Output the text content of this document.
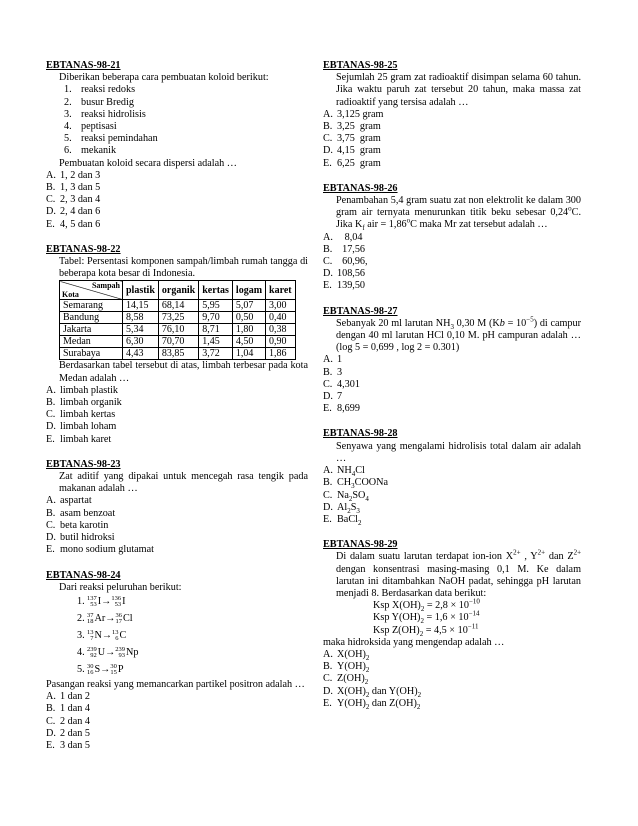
EBTANAS-98-21
Diberikan beberapa cara pembuatan koloid berikut:
1. reaksi redoks
2. busur Bredig
3. reaksi hidrolisis
4. peptisasi
5. reaksi pemindahan
6. mekanik
Pembuatan koloid secara dispersi adalah …
A. 1, 2 dan 3
B. 1, 3 dan 5
C. 2, 3 dan 4
D. 2, 4 dan 6
E. 4, 5 dan 6
EBTANAS-98-22
Tabel: Persentasi komponen sampah/limbah rumah tangga di beberapa kota besar di Indonesia.
Sampah
Kota	plastik	organik	kertas	logam	karet
Semarang	14,15	68,14	5,95	5,07	3,00
Bandung	8,58	73,25	9,70	0,50	0,40
Jakarta	5,34	76,10	8,71	1,80	0,38
Medan	6,30	70,70	1,45	4,50	0,90
Surabaya	4,43	83,85	3,72	1,04	1,86
Berdasarkan tabel tersebut di atas, limbah terbesar pada kota Medan adalah …
A. limbah plastik
B. limbah organik
C. limbah kertas
D. limbah loham
E. limbah karet
EBTANAS-98-23
Zat aditif yang dipakai untuk mencegah rasa tengik pada makanan adalah …
A. aspartat
B. asam benzoat
C. beta karotin
D. butil hidroksi
E. mono sodium glutamat
EBTANAS-98-24
Dari reaksi peluruhan berikut:
1. 137
53 I → 136
53 I
2. 37
18 Ar → 36
17 Cl
3. 13
7 N → 13
6 C
4. 239
92 U → 239
93 Np
5. 30
16 S → 30
15 P
Pasangan reaksi yang memancarkan partikel positron adalah …
A. 1 dan 2
B. 1 dan 4
C. 2 dan 4
D. 2 dan 5
E. 3 dan 5
EBTANAS-98-25
Sejumlah 25 gram zat radioaktif disimpan selama 60 tahun. Jika waktu paruh zat tersebut 20 tahun, maka massa zat radioaktif yang tersisa adalah …
A. 3,125 gram
B. 3,25  gram
C. 3,75  gram
D. 4,15  gram
E. 6,25  gram
EBTANAS-98-26
Penambahan 5,4 gram suatu zat non elektrolit ke dalam 300 gram air ternyata menurunkan titik beku sebesar 0,24$^o$C. Jika $K_f$ air = $1,86^oC$ maka Mr zat tersebut adalah …
A. 8,04
B. 17,56
C. 60,96,
D. 108,56
E. 139,50
EBTANAS-98-27
Sebanyak 20 ml larutan $NH_3$ 0,30 M $(Kb = 10^{-5})$ di campur dengan 40 ml larutan HCl 0,10 M. pH campuran adalah … (log 5 = 0,699 , log 2 = 0.301)
A. 1
B. 3
C. 4,301
D. 7
E. 8,699
EBTANAS-98-28
Senyawa yang mengalami hidrolisis total dalam air adalah …
A. $NH_4Cl$
B. $CH_3COONa$
C. $Na_2SO_4$
D. $Al_2S_3$
E. BaCl$_2$
EBTANAS-98-29
Di dalam suatu larutan terdapat ion-ion $X^{2+}$ , $Y^{2+}$ dan $Z^{2+}$ dengan konsentrasi masing-masing 0,1 M. Ke dalam larutan ini ditambahkan NaOH padat, sehingga pH larutan menjadi 8. Berdasarkan data berikut:
Ksp $X(OH)_2 = 2,8 \times 10^{-10}$
Ksp $Y(OH)_2 = 1,6 \times 10^{-14}$
Ksp $Z(OH)_2 = 4,5 \times 10^{-11}$
maka hidroksida yang mengendap adalah …
A. $X(OH)_2$
B. $Y(OH)_2$
C. $Z(OH)_2$
D. $X(OH)_2$ dan $Y(OH)_2$
E. $Y(OH)_2$ dan $Z(OH)_2$
